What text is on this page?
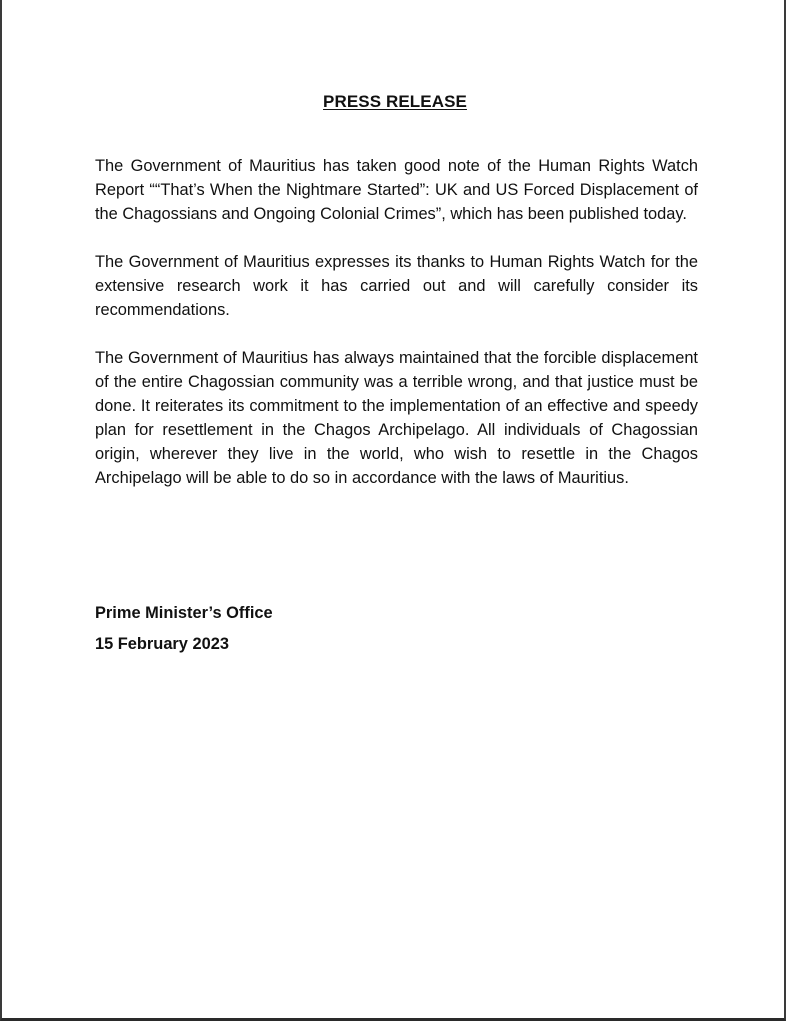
PRESS RELEASE

The Government of Mauritius has taken good note of the Human Rights Watch Report ““That’s When the Nightmare Started”: UK and US Forced Displacement of the Chagossians and Ongoing Colonial Crimes”, which has been published today.

The Government of Mauritius expresses its thanks to Human Rights Watch for the extensive research work it has carried out and will carefully consider its recommendations.

The Government of Mauritius has always maintained that the forcible displacement of the entire Chagossian community was a terrible wrong, and that justice must be done. It reiterates its commitment to the implementation of an effective and speedy plan for resettlement in the Chagos Archipelago. All individuals of Chagossian origin, wherever they live in the world, who wish to resettle in the Chagos Archipelago will be able to do so in accordance with the laws of Mauritius.

Prime Minister’s Office
15 February 2023
